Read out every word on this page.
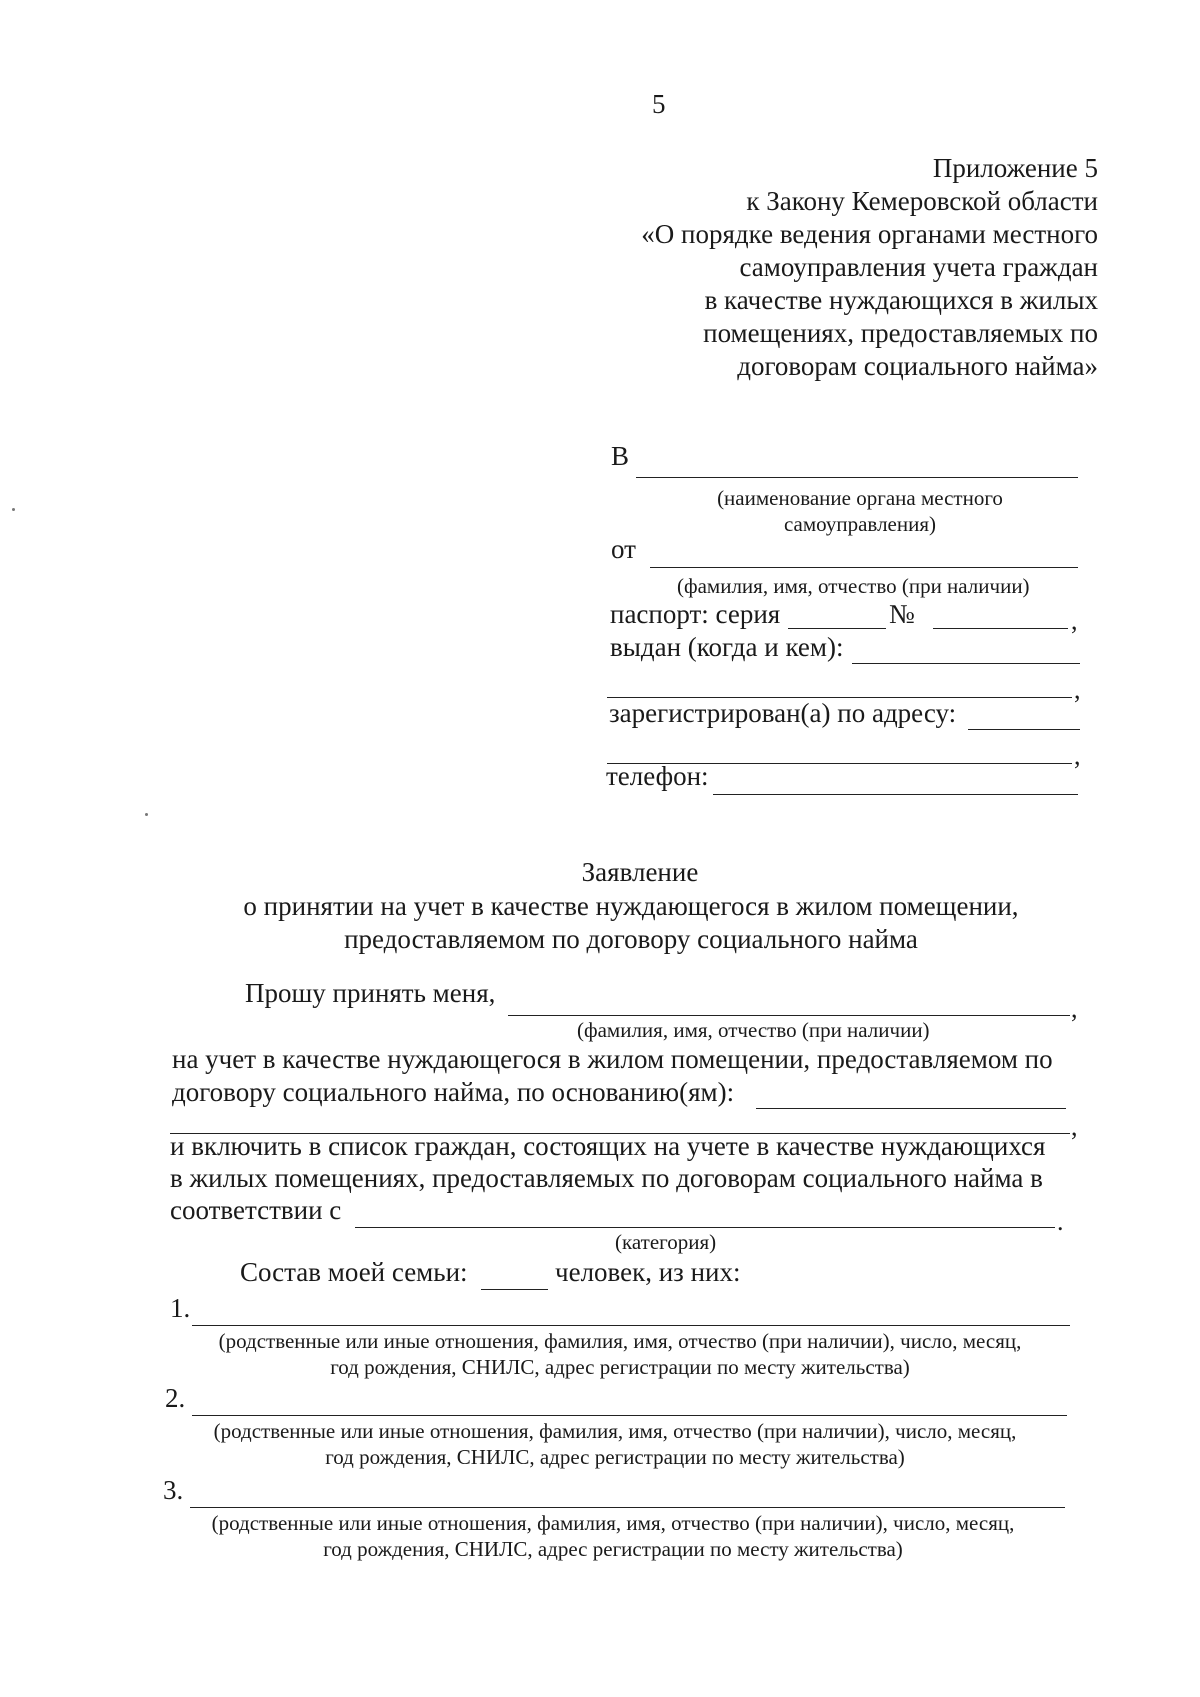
5
Приложение 5
к Закону Кемеровской области
«О порядке ведения органами местного
самоуправления учета граждан
в качестве нуждающихся в жилых
помещениях, предоставляемых по
договорам социального найма»
В
(наименование органа местного
самоуправления)
от
(фамилия, имя, отчество (при наличии)
паспорт: серия	№	,
выдан (когда и кем):
,
зарегистрирован(а) по адресу:
,
телефон:
Заявление
о принятии на учет в качестве нуждающегося в жилом помещении,
предоставляемом по договору социального найма
Прошу принять меня,
,
(фамилия, имя, отчество (при наличии)
на учет в качестве нуждающегося в жилом помещении, предоставляемом по
договору социального найма, по основанию(ям):
,
и включить в список граждан, состоящих на учете в качестве нуждающихся
в жилых помещениях, предоставляемых по договорам социального найма в
соответствии с	.
(категория)
Состав моей семьи:	человек, из них:
1.
(родственные или иные отношения, фамилия, имя, отчество (при наличии), число, месяц,
год рождения, СНИЛС, адрес регистрации по месту жительства)
2.
(родственные или иные отношения, фамилия, имя, отчество (при наличии), число, месяц,
год рождения, СНИЛС, адрес регистрации по месту жительства)
3.
(родственные или иные отношения, фамилия, имя, отчество (при наличии), число, месяц,
год рождения, СНИЛС, адрес регистрации по месту жительства)
